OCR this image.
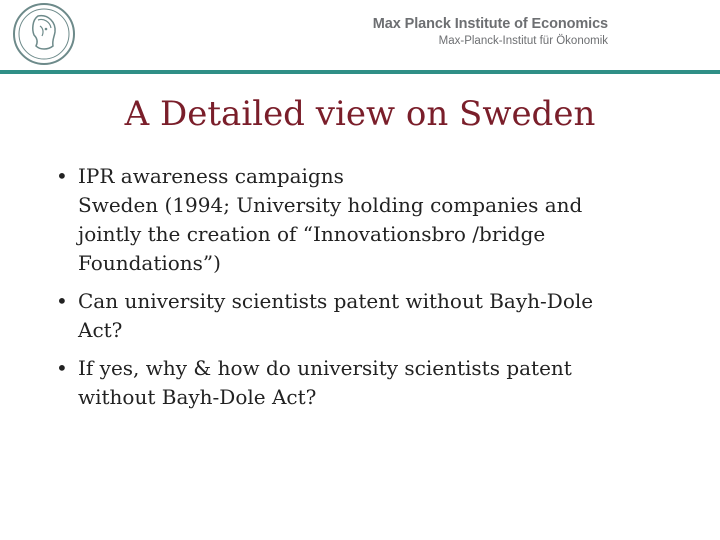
Max Planck Institute of Economics
Max-Planck-Institut für Ökonomik
A Detailed view on Sweden
• IPR awareness campaigns
Sweden (1994; University holding companies and
jointly the creation of “Innovationsbro /bridge
Foundations”)
• Can university scientists patent without Bayh-Dole
Act?
• If yes, why & how do university scientists patent
without Bayh-Dole Act?
